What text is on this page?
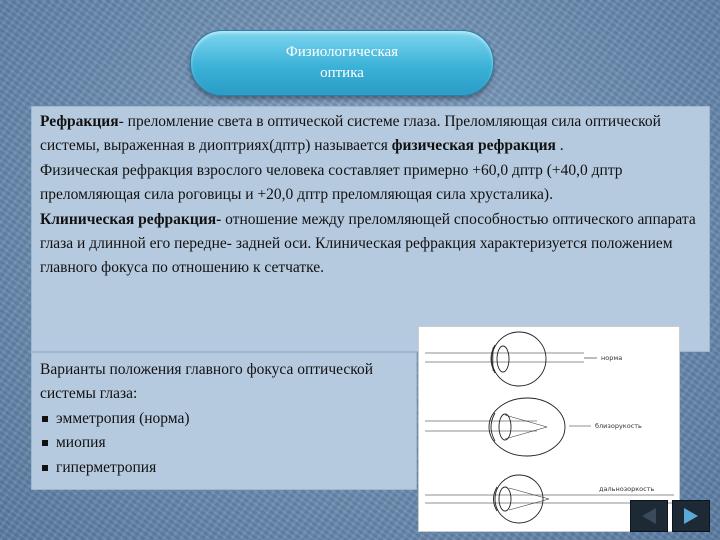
Физиологическая
оптика

Рефракция- преломление света в оптической системе глаза. Преломляющая сила оптической системы, выраженная в диоптриях(дптр) называется физическая рефракция .

Физическая рефракция взрослого человека составляет примерно +60,0 дптр (+40,0 дптр преломляющая сила роговицы и +20,0 дптр преломляющая сила хрусталика).

Клиническая рефракция- отношение между преломляющей способностью оптического аппарата глаза и длинной его передне- задней оси. Клиническая рефракция характеризуется положением главного фокуса по отношению к сетчатке.

Варианты положения главного фокуса оптической системы глаза:

эмметропия (норма)
миопия
гиперметропия
норма
близорукость
дальнозоркость
